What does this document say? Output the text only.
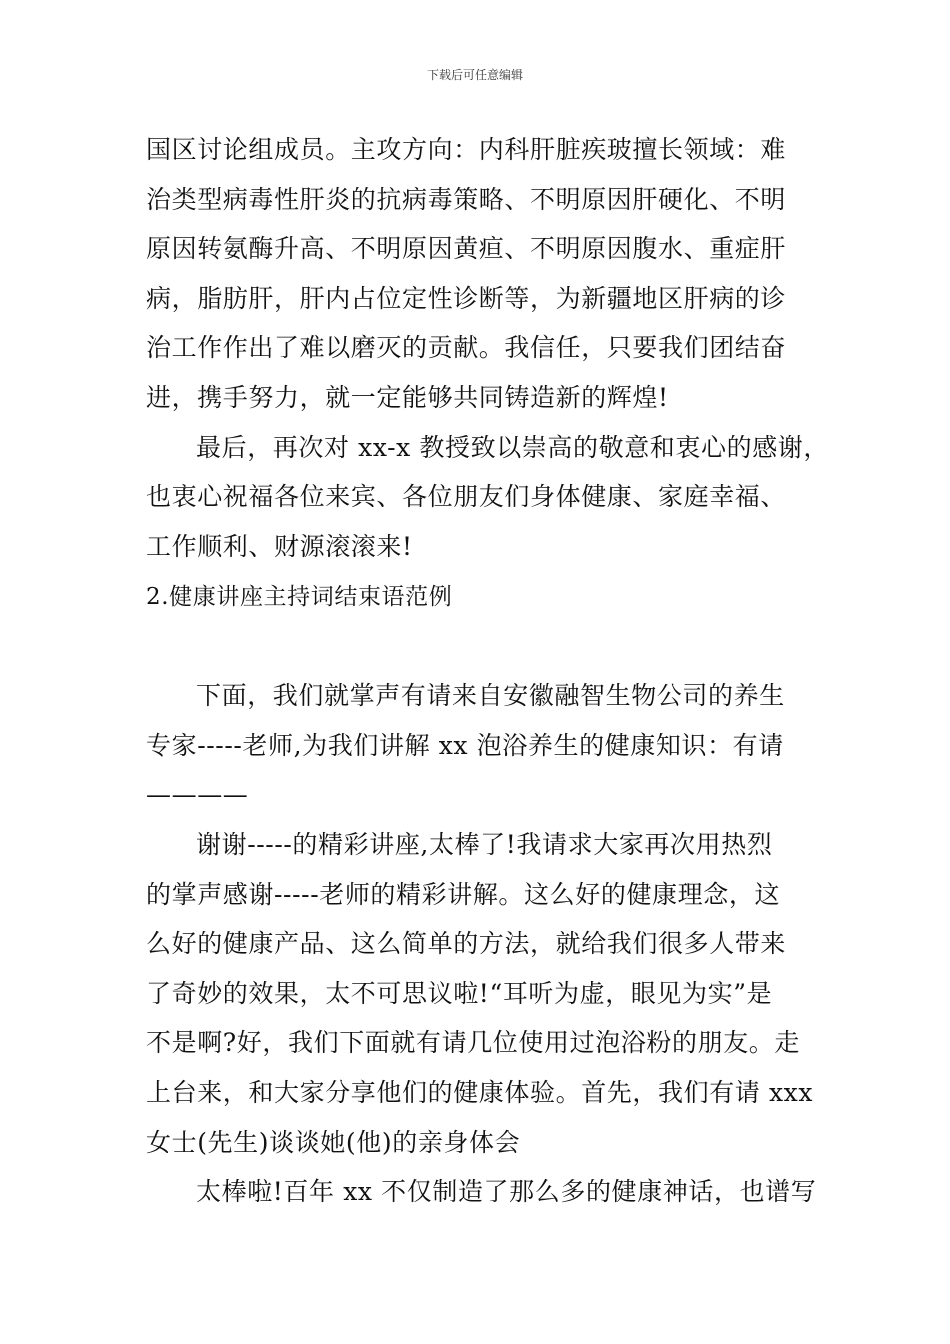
下载后可任意编辑
国区讨论组成员。主攻方向：内科肝脏疾玻擅长领域：难
治类型病毒性肝炎的抗病毒策略、不明原因肝硬化、不明
原因转氨酶升高、不明原因黄疸、不明原因腹水、重症肝
病，脂肪肝，肝内占位定性诊断等，为新疆地区肝病的诊
治工作作出了难以磨灭的贡献。我信任，只要我们团结奋
进，携手努力，就一定能够共同铸造新的辉煌!
最后，再次对 xx-x 教授致以崇高的敬意和衷心的感谢，
也衷心祝福各位来宾、各位朋友们身体健康、家庭幸福、
工作顺利、财源滚滚来!
2.健康讲座主持词结束语范例
下面，我们就掌声有请来自安徽融智生物公司的养生
专家-----老师,为我们讲解 xx 泡浴养生的健康知识：有请
————
谢谢-----的精彩讲座,太棒了!我请求大家再次用热烈
的掌声感谢-----老师的精彩讲解。这么好的健康理念，这
么好的健康产品、这么简单的方法，就给我们很多人带来
了奇妙的效果，太不可思议啦!“耳听为虚，眼见为实”是
不是啊?好，我们下面就有请几位使用过泡浴粉的朋友。走
上台来，和大家分享他们的健康体验。首先，我们有请 xxx
女士(先生)谈谈她(他)的亲身体会
太棒啦!百年 xx 不仅制造了那么多的健康神话，也谱写
